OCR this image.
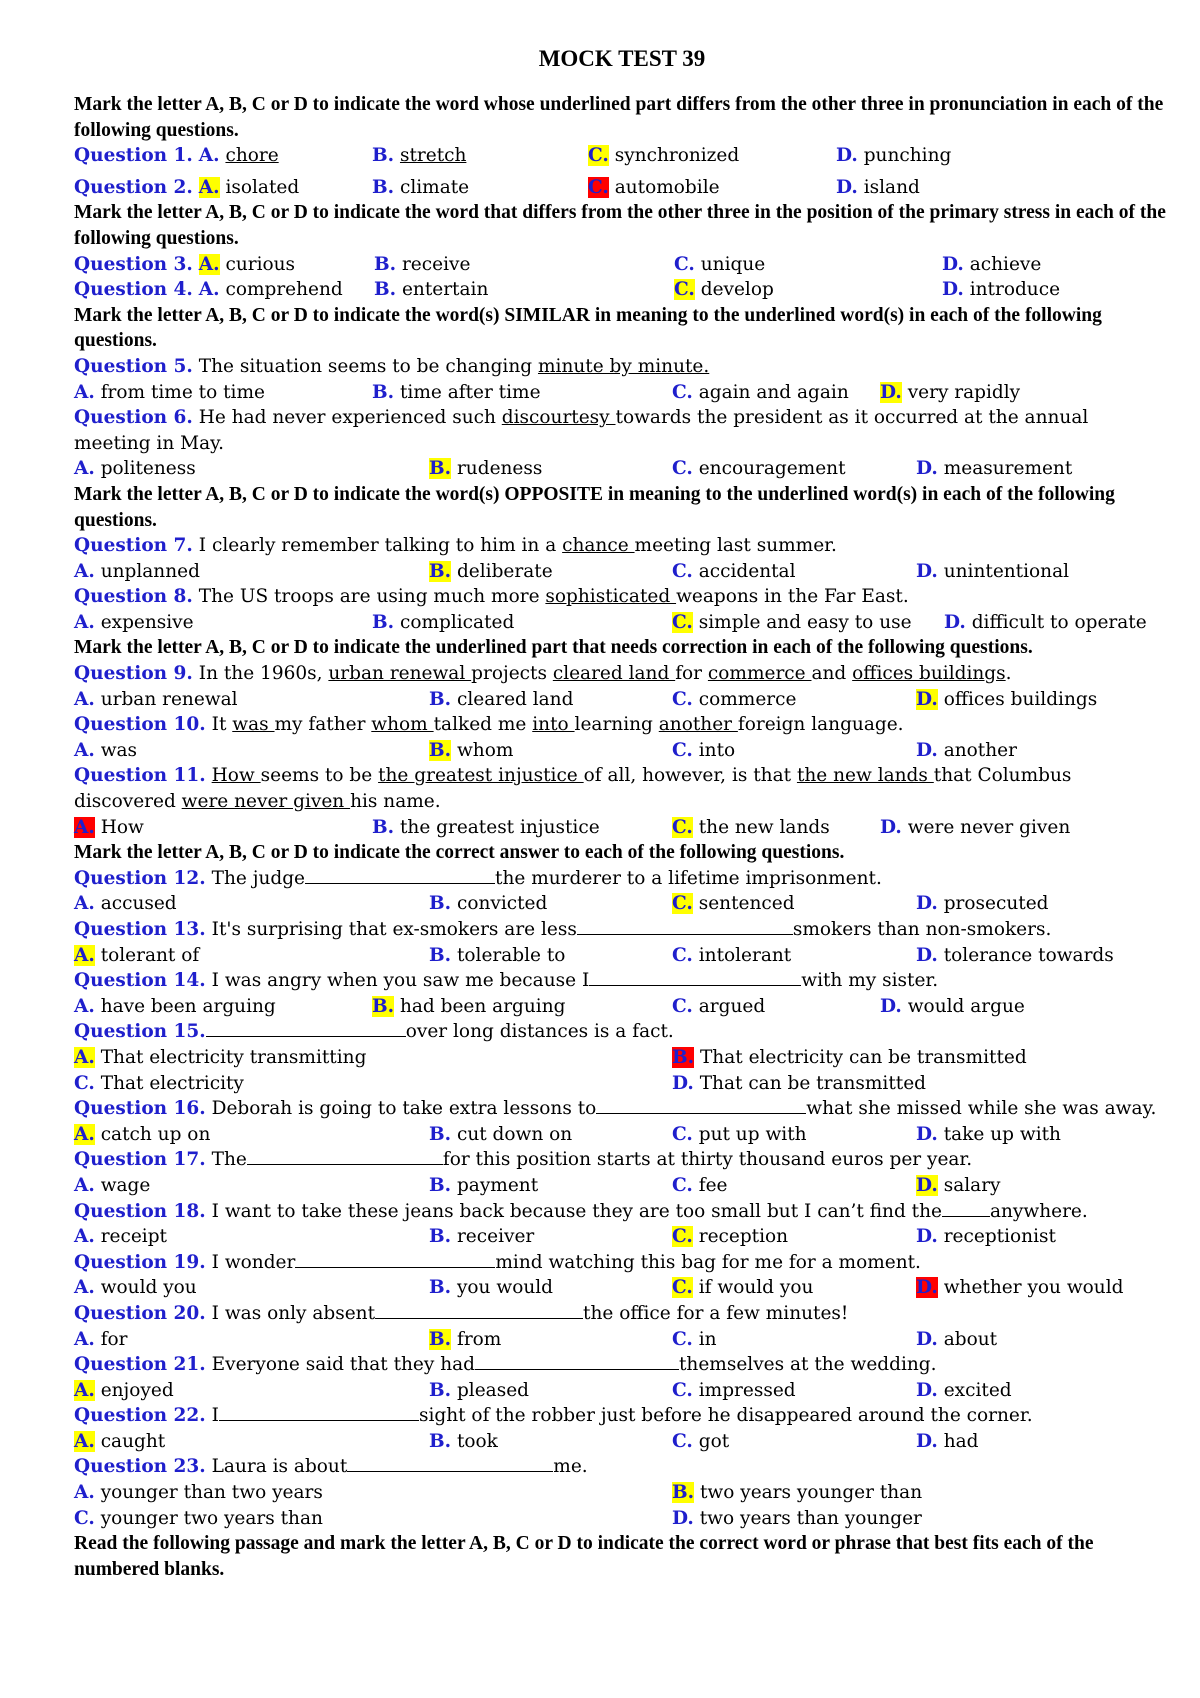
MOCK TEST 39
Mark the letter A, B, C or D to indicate the word whose underlined part differs from the other three in pronunciation in each of the following questions.
Question 1. A. chore	B. stretch	C. synchronized	D. punching
Question 2. A. isolated	B. climate	C. automobile	D. island
Mark the letter A, B, C or D to indicate the word that differs from the other three in the position of the primary stress in each of the following questions.
Question 3. A. curious	B. receive	C. unique	D. achieve
Question 4. A. comprehend B. entertain	C. develop	D. introduce
Mark the letter A, B, C or D to indicate the word(s) SIMILAR in meaning to the underlined word(s) in each of the following questions.
Question 5. The situation seems to be changing minute by minute.
A. from time to time	B. time after time	C. again and again D. very rapidly
Question 6. He had never experienced such discourtesy towards the president as it occurred at the annual meeting in May.
A. politeness	B. rudeness	C. encouragement	D. measurement
Mark the letter A, B, C or D to indicate the word(s) OPPOSITE in meaning to the underlined word(s) in each of the following questions.
Question 7. I clearly remember talking to him in a chance meeting last summer.
A. unplanned	B. deliberate	C. accidental	D. unintentional
Question 8. The US troops are using much more sophisticated weapons in the Far East.
A. expensive	B. complicated	C. simple and easy to use D. difficult to operate
Mark the letter A, B, C or D to indicate the underlined part that needs correction in each of the following questions.
Question 9. In the 1960s, urban renewal projects cleared land for commerce and offices buildings.
A. urban renewal	B. cleared land	C. commerce	D. offices buildings
Question 10. It was my father whom talked me into learning another foreign language.
A. was	B. whom	C. into	D. another
Question 11. How seems to be the greatest injustice of all, however, is that the new lands that Columbus discovered were never given his name.
A. How	B. the greatest injustice	C. the new lands	D. were never given
Mark the letter A, B, C or D to indicate the correct answer to each of the following questions.
Question 12. The judge	the murderer to a lifetime imprisonment.
A. accused	B. convicted	C. sentenced	D. prosecuted
Question 13. It's surprising that ex-smokers are less	smokers than non-smokers.
A. tolerant of	B. tolerable to	C. intolerant	D. tolerance towards
Question 14. I was angry when you saw me because I	with my sister.
A. have been arguing	B. had been arguing	C. argued	D. would argue
Question 15.	over long distances is a fact.
A. That electricity transmitting	B. That electricity can be transmitted
C. That electricity	D. That can be transmitted
Question 16. Deborah is going to take extra lessons to	what she missed while she was away.
A. catch up on	B. cut down on	C. put up with	D. take up with
Question 17. The	for this position starts at thirty thousand euros per year.
A. wage	B. payment	C. fee	D. salary
Question 18. I want to take these jeans back because they are too small but I can’t find the	anywhere.
A. receipt	B. receiver	C. reception	D. receptionist
Question 19. I wonder	mind watching this bag for me for a moment.
A. would you	B. you would	C. if would you	D. whether you would
Question 20. I was only absent	the office for a few minutes!
A. for	B. from	C. in	D. about
Question 21. Everyone said that they had	themselves at the wedding.
A. enjoyed	B. pleased	C. impressed	D. excited
Question 22. I	sight of the robber just before he disappeared around the corner.
A. caught	B. took	C. got	D. had
Question 23. Laura is about	me.
A. younger than two years	B. two years younger than
C. younger two years than	D. two years than younger
Read the following passage and mark the letter A, B, C or D to indicate the correct word or phrase that best fits each of the numbered blanks.
